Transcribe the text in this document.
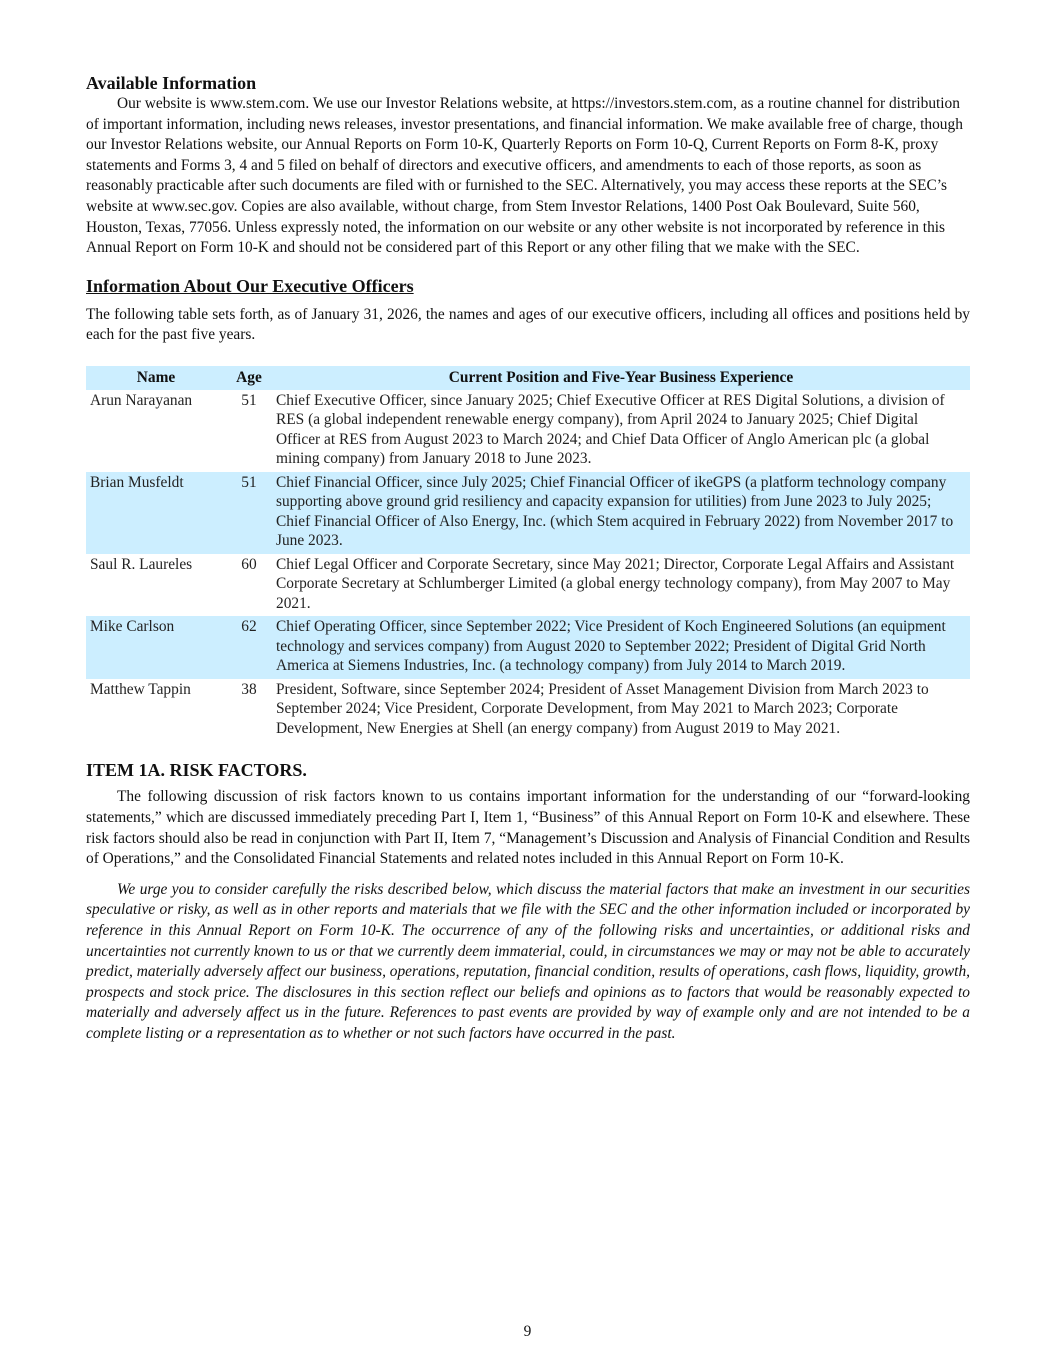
Available Information

Our website is www.stem.com. We use our Investor Relations website, at https://investors.stem.com, as a routine channel for distribution of important information, including news releases, investor presentations, and financial information. We make available free of charge, though our Investor Relations website, our Annual Reports on Form 10-K, Quarterly Reports on Form 10-Q, Current Reports on Form 8-K, proxy statements and Forms 3, 4 and 5 filed on behalf of directors and executive officers, and amendments to each of those reports, as soon as reasonably practicable after such documents are filed with or furnished to the SEC. Alternatively, you may access these reports at the SEC’s website at www.sec.gov. Copies are also available, without charge, from Stem Investor Relations, 1400 Post Oak Boulevard, Suite 560, Houston, Texas, 77056. Unless expressly noted, the information on our website or any other website is not incorporated by reference in this Annual Report on Form 10-K and should not be considered part of this Report or any other filing that we make with the SEC.

Information About Our Executive Officers

The following table sets forth, as of January 31, 2026, the names and ages of our executive officers, including all offices and positions held by each for the past five years.

Name	Age	Current Position and Five-Year Business Experience
Arun Narayanan	51	Chief Executive Officer, since January 2025; Chief Executive Officer at RES Digital Solutions, a division of RES (a global independent renewable energy company), from April 2024 to January 2025; Chief Digital Officer at RES from August 2023 to March 2024; and Chief Data Officer of Anglo American plc (a global mining company) from January 2018 to June 2023.
Brian Musfeldt	51	Chief Financial Officer, since July 2025; Chief Financial Officer of ikeGPS (a platform technology company supporting above ground grid resiliency and capacity expansion for utilities) from June 2023 to July 2025; Chief Financial Officer of Also Energy, Inc. (which Stem acquired in February 2022) from November 2017 to June 2023.
Saul R. Laureles	60	Chief Legal Officer and Corporate Secretary, since May 2021; Director, Corporate Legal Affairs and Assistant Corporate Secretary at Schlumberger Limited (a global energy technology company), from May 2007 to May 2021.
Mike Carlson	62	Chief Operating Officer, since September 2022; Vice President of Koch Engineered Solutions (an equipment technology and services company) from August 2020 to September 2022; President of Digital Grid North America at Siemens Industries, Inc. (a technology company) from July 2014 to March 2019.
Matthew Tappin	38	President, Software, since September 2024; President of Asset Management Division from March 2023 to September 2024; Vice President, Corporate Development, from May 2021 to March 2023; Corporate Development, New Energies at Shell (an energy company) from August 2019 to May 2021.
ITEM 1A. RISK FACTORS.

The following discussion of risk factors known to us contains important information for the understanding of our “forward-looking statements,” which are discussed immediately preceding Part I, Item 1, “Business” of this Annual Report on Form 10-K and elsewhere. These risk factors should also be read in conjunction with Part II, Item 7, “Management’s Discussion and Analysis of Financial Condition and Results of Operations,” and the Consolidated Financial Statements and related notes included in this Annual Report on Form 10-K.

We urge you to consider carefully the risks described below, which discuss the material factors that make an investment in our securities speculative or risky, as well as in other reports and materials that we file with the SEC and the other information included or incorporated by reference in this Annual Report on Form 10-K. The occurrence of any of the following risks and uncertainties, or additional risks and uncertainties not currently known to us or that we currently deem immaterial, could, in circumstances we may or may not be able to accurately predict, materially adversely affect our business, operations, reputation, financial condition, results of operations, cash flows, liquidity, growth, prospects and stock price. The disclosures in this section reflect our beliefs and opinions as to factors that would be reasonably expected to materially and adversely affect us in the future. References to past events are provided by way of example only and are not intended to be a complete listing or a representation as to whether or not such factors have occurred in the past.

9
